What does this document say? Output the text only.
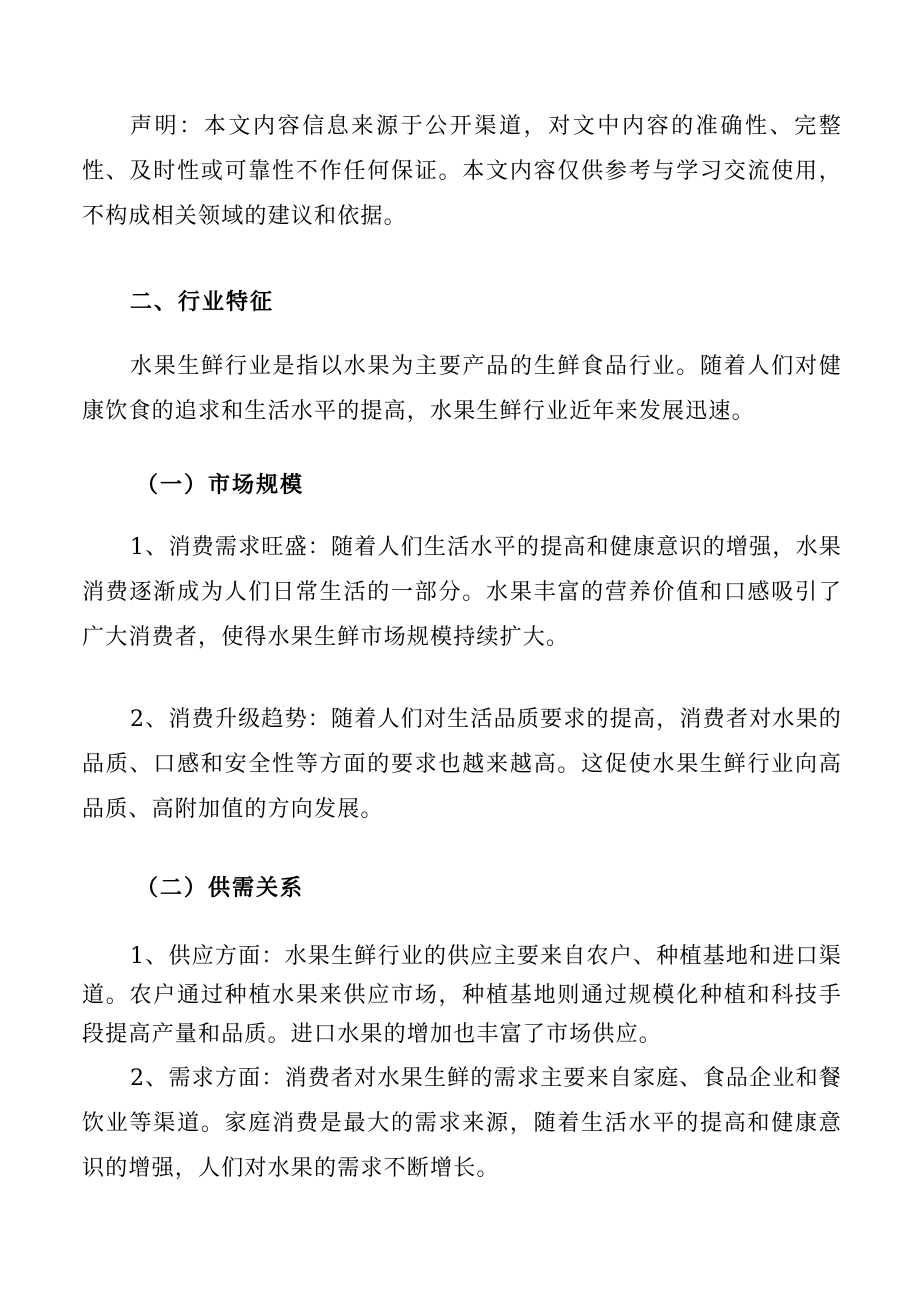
声明：本文内容信息来源于公开渠道，对文中内容的准确性、完整性、及时性或可靠性不作任何保证。本文内容仅供参考与学习交流使用，不构成相关领域的建议和依据。

二、行业特征

水果生鲜行业是指以水果为主要产品的生鲜食品行业。随着人们对健康饮食的追求和生活水平的提高，水果生鲜行业近年来发展迅速。

（一）市场规模

1、消费需求旺盛：随着人们生活水平的提高和健康意识的增强，水果消费逐渐成为人们日常生活的一部分。水果丰富的营养价值和口感吸引了广大消费者，使得水果生鲜市场规模持续扩大。

2、消费升级趋势：随着人们对生活品质要求的提高，消费者对水果的品质、口感和安全性等方面的要求也越来越高。这促使水果生鲜行业向高品质、高附加值的方向发展。

（二）供需关系

1、供应方面：水果生鲜行业的供应主要来自农户、种植基地和进口渠道。农户通过种植水果来供应市场，种植基地则通过规模化种植和科技手段提高产量和品质。进口水果的增加也丰富了市场供应。

2、需求方面：消费者对水果生鲜的需求主要来自家庭、食品企业和餐饮业等渠道。家庭消费是最大的需求来源，随着生活水平的提高和健康意识的增强，人们对水果的需求不断增长。
